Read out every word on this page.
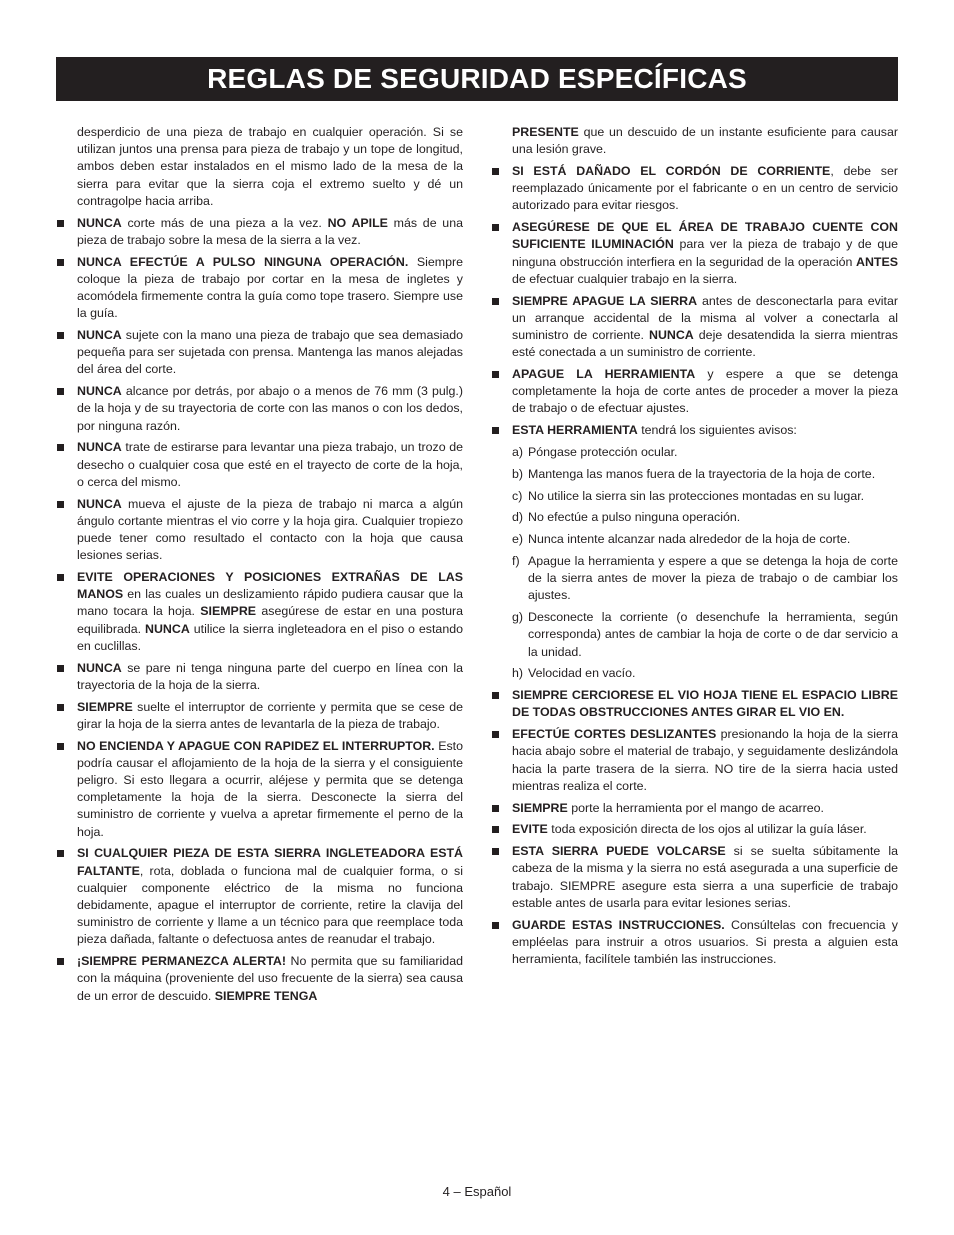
REGLAS DE SEGURIDAD ESPECÍFICAS

desperdicio de una pieza de trabajo en cualquier operación. Si se utilizan juntos una prensa para pieza de trabajo y un tope de longitud, ambos deben estar instalados en el mismo lado de la mesa de la sierra para evitar que la sierra coja el extremo suelto y dé un contragolpe hacia arriba.

NUNCA corte más de una pieza a la vez. NO APILE más de una pieza de trabajo sobre la mesa de la sierra a la vez.

NUNCA EFECTÚE A PULSO NINGUNA OPERACIÓN. Siempre coloque la pieza de trabajo por cortar en la mesa de ingletes y acomódela firmemente contra la guía como tope trasero. Siempre use la guía.

NUNCA sujete con la mano una pieza de trabajo que sea demasiado pequeña para ser sujetada con prensa. Mantenga las manos alejadas del área del corte.

NUNCA alcance por detrás, por abajo o a menos de 76 mm (3 pulg.) de la hoja y de su trayectoria de corte con las manos o con los dedos, por ninguna razón.

NUNCA trate de estirarse para levantar una pieza trabajo, un trozo de desecho o cualquier cosa que esté en el trayecto de corte de la hoja, o cerca del mismo.

NUNCA mueva el ajuste de la pieza de trabajo ni marca a algún ángulo cortante mientras el vio corre y la hoja gira. Cualquier tropiezo puede tener como resultado el contacto con la hoja que causa lesiones serias.

EVITE OPERACIONES Y POSICIONES EXTRAÑAS DE LAS MANOS en las cuales un deslizamiento rápido pudiera causar que la mano tocara la hoja. SIEMPRE asegúrese de estar en una postura equilibrada. NUNCA utilice la sierra ingleteadora en el piso o estando en cuclillas.

NUNCA se pare ni tenga ninguna parte del cuerpo en línea con la trayectoria de la hoja de la sierra.

SIEMPRE suelte el interruptor de corriente y permita que se cese de girar la hoja de la sierra antes de levantarla de la pieza de trabajo.

NO ENCIENDA Y APAGUE CON RAPIDEZ EL INTERRUPTOR. Esto podría causar el aflojamiento de la hoja de la sierra y el consiguiente peligro. Si esto llegara a ocurrir, aléjese y permita que se detenga completamente la hoja de la sierra. Desconecte la sierra del suministro de corriente y vuelva a apretar firmemente el perno de la hoja.

SI CUALQUIER PIEZA DE ESTA SIERRA INGLETEADORA ESTÁ FALTANTE, rota, doblada o funciona mal de cualquier forma, o si cualquier componente eléctrico de la misma no funciona debidamente, apague el interruptor de corriente, retire la clavija del suministro de corriente y llame a un técnico para que reemplace toda pieza dañada, faltante o defectuosa antes de reanudar el trabajo.

¡SIEMPRE PERMANEZCA ALERTA! No permita que su familiaridad con la máquina (proveniente del uso frecuente de la sierra) sea causa de un error de descuido. SIEMPRE TENGA

PRESENTE que un descuido de un instante esuficiente para causar una lesión grave.

SI ESTÁ DAÑADO EL CORDÓN DE CORRIENTE, debe ser reemplazado únicamente por el fabricante o en un centro de servicio autorizado para evitar riesgos.

ASEGÚRESE DE QUE EL ÁREA DE TRABAJO CUENTE CON SUFICIENTE ILUMINACIÓN para ver la pieza de trabajo y de que ninguna obstrucción interfiera en la seguridad de la operación ANTES de efectuar cualquier trabajo en la sierra.

SIEMPRE APAGUE LA SIERRA antes de desconectarla para evitar un arranque accidental de la misma al volver a conectarla al suministro de corriente. NUNCA deje desatendida la sierra mientras esté conectada a un suministro de corriente.

APAGUE LA HERRAMIENTA y espere a que se detenga completamente la hoja de corte antes de proceder a mover la pieza de trabajo o de efectuar ajustes.

ESTA HERRAMIENTA tendrá los siguientes avisos:

a) Póngase protección ocular.

b) Mantenga las manos fuera de la trayectoria de la hoja de corte.

c) No utilice la sierra sin las protecciones montadas en su lugar.

d) No efectúe a pulso ninguna operación.

e) Nunca intente alcanzar nada alrededor de la hoja de corte.

f) Apague la herramienta y espere a que se detenga la hoja de corte de la sierra antes de mover la pieza de trabajo o de cambiar los ajustes.

g) Desconecte la corriente (o desenchufe la herramienta, según corresponda) antes de cambiar la hoja de corte o de dar servicio a la unidad.

h) Velocidad en vacío.

SIEMPRE CERCIORESE EL VIO HOJA TIENE EL ESPACIO LIBRE DE TODAS OBSTRUCCIONES ANTES GIRAR EL VIO EN.

EFECTÚE CORTES DESLIZANTES presionando la hoja de la sierra hacia abajo sobre el material de trabajo, y seguidamente deslizándola hacia la parte trasera de la sierra. NO tire de la sierra hacia usted mientras realiza el corte.

SIEMPRE porte la herramienta por el mango de acarreo.

EVITE toda exposición directa de los ojos al utilizar la guía láser.

ESTA SIERRA PUEDE VOLCARSE si se suelta súbitamente la cabeza de la misma y la sierra no está asegurada a una superficie de trabajo. SIEMPRE asegure esta sierra a una superficie de trabajo estable antes de usarla para evitar lesiones serias.

GUARDE ESTAS INSTRUCCIONES. Consúltelas con frecuencia y empléelas para instruir a otros usuarios. Si presta a alguien esta herramienta, facilítele también las instrucciones.

4 – Español
